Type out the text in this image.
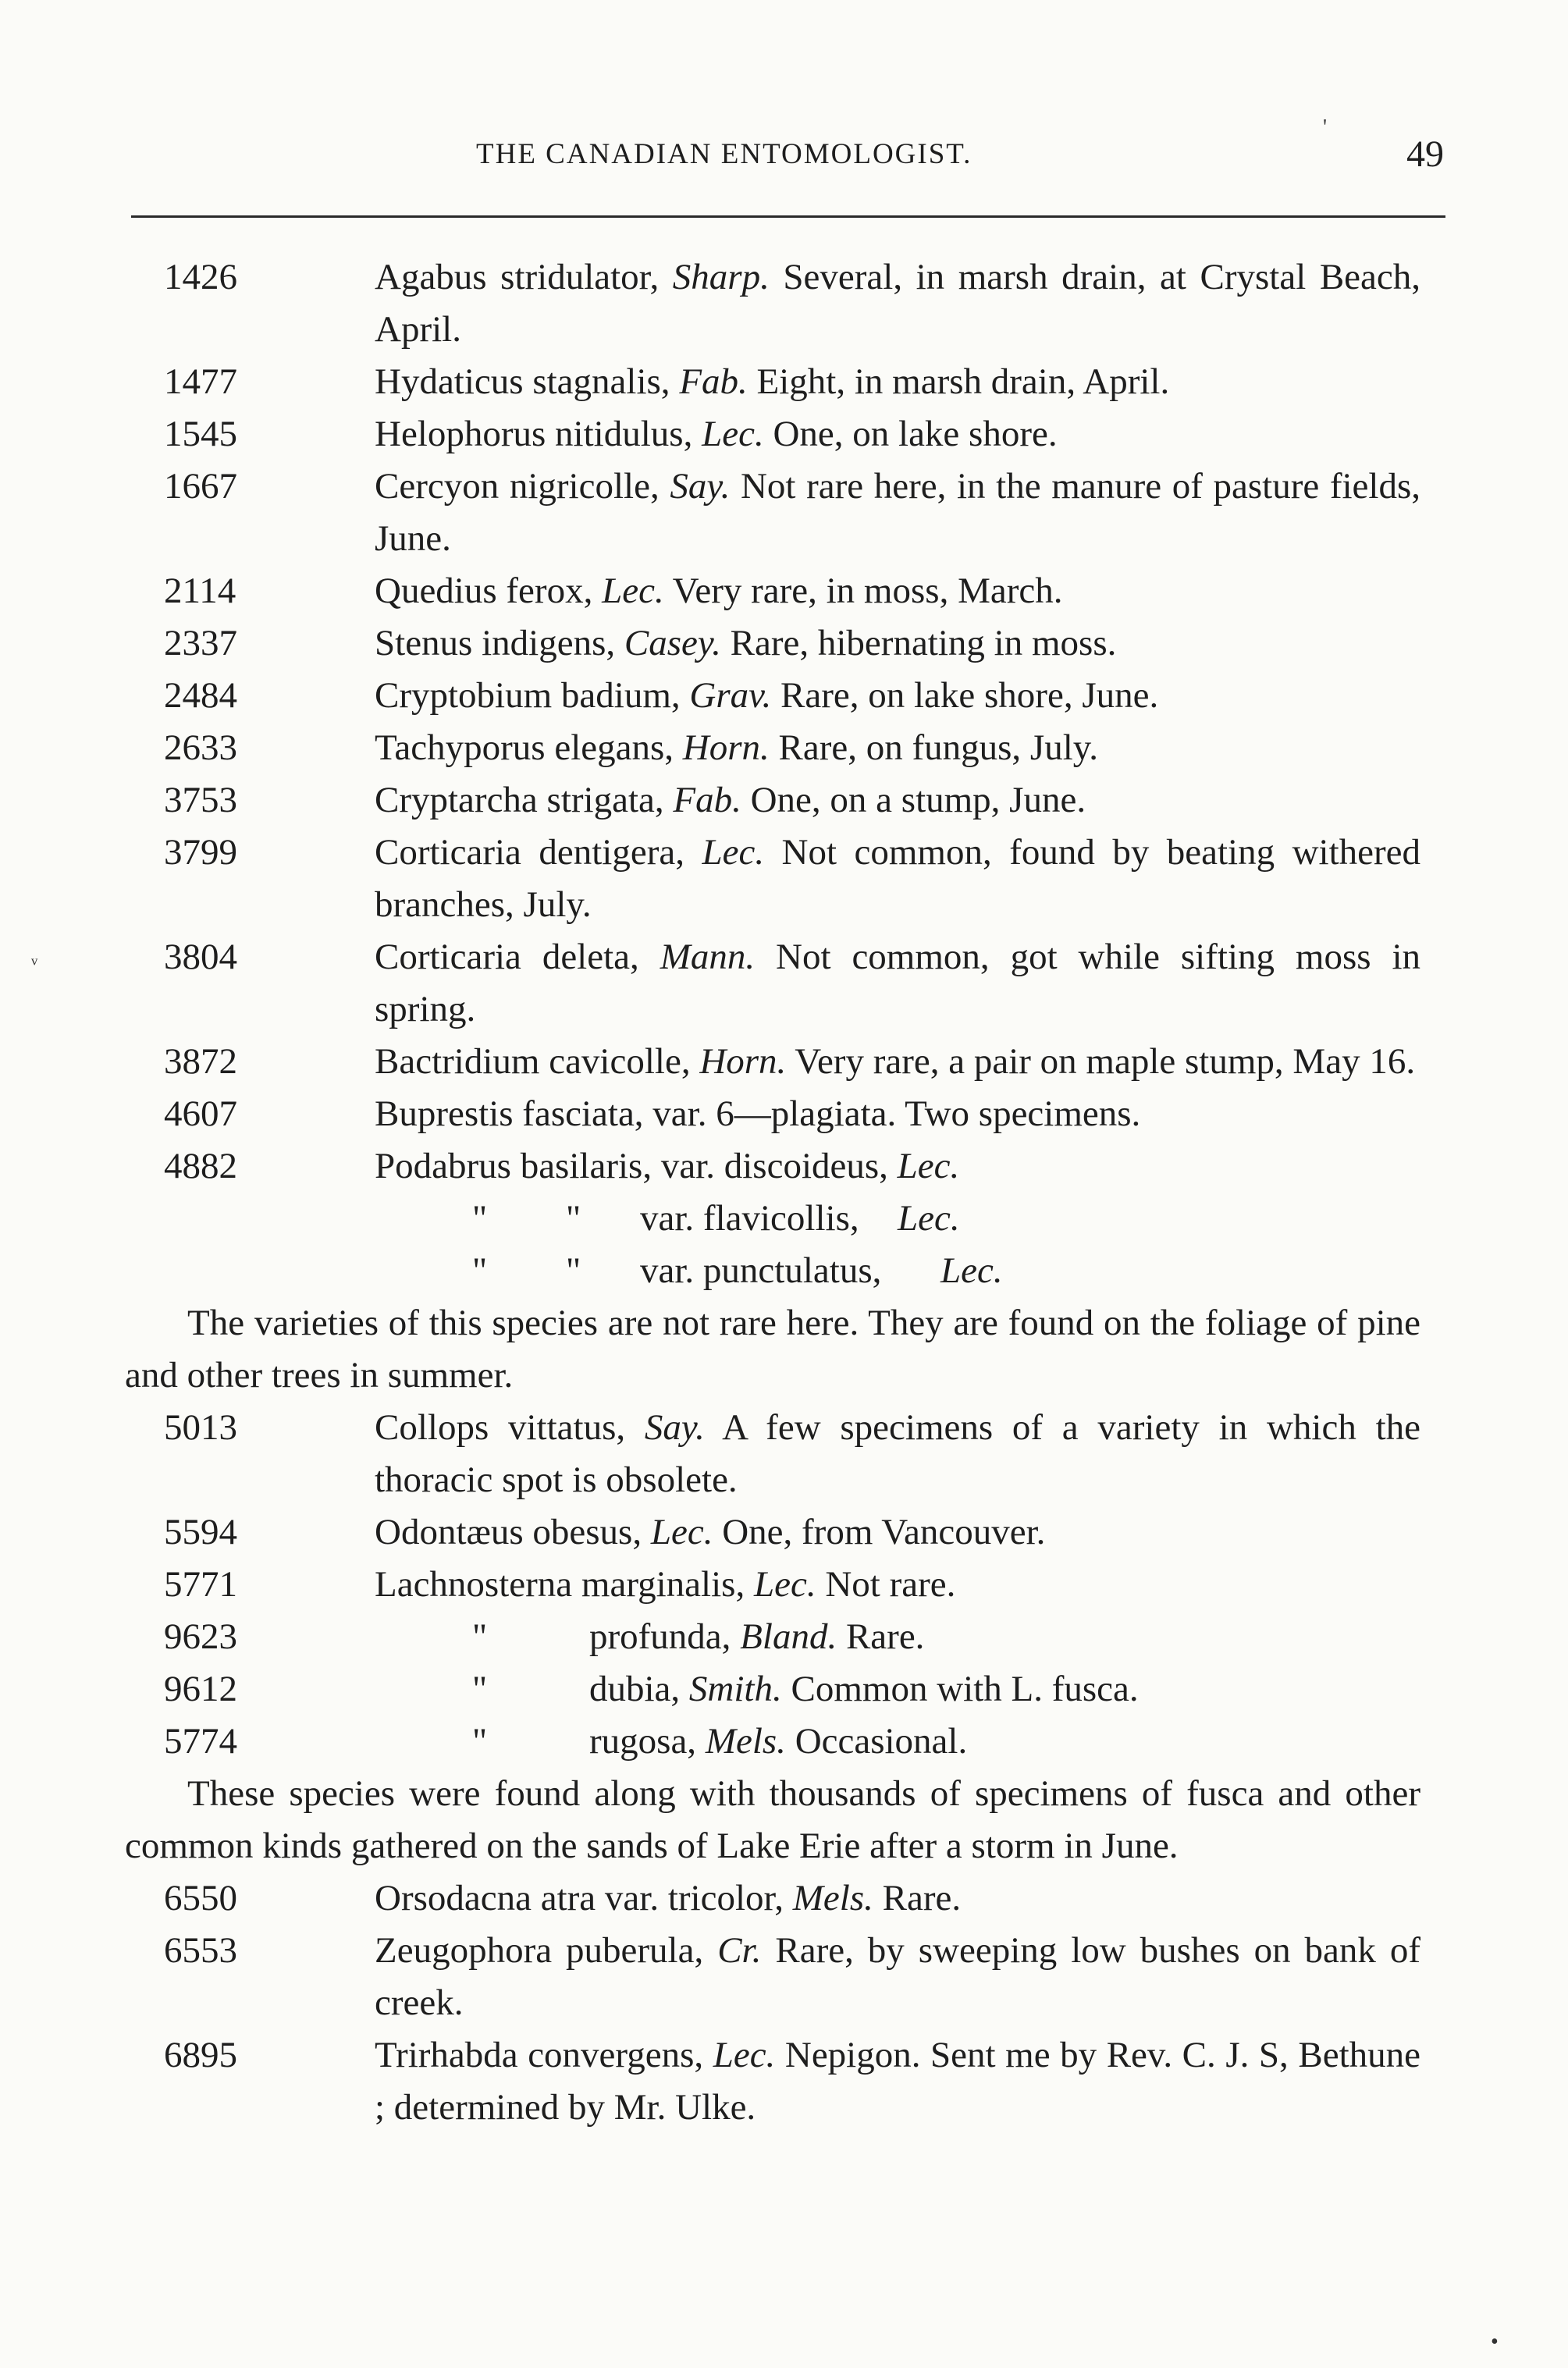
THE CANADIAN ENTOMOLOGIST.	49
1426	Agabus stridulator, Sharp. Several, in marsh drain, at Crystal Beach, April.
1477	Hydaticus stagnalis, Fab. Eight, in marsh drain, April.
1545	Helophorus nitidulus, Lec. One, on lake shore.
1667	Cercyon nigricolle, Say. Not rare here, in the manure of pasture fields, June.
2114	Quedius ferox, Lec. Very rare, in moss, March.
2337	Stenus indigens, Casey. Rare, hibernating in moss.
2484	Cryptobium badium, Grav. Rare, on lake shore, June.
2633	Tachyporus elegans, Horn. Rare, on fungus, July.
3753	Cryptarcha strigata, Fab. One, on a stump, June.
3799	Corticaria dentigera, Lec. Not common, found by beating withered branches, July.
3804	Corticaria deleta, Mann. Not common, got while sifting moss in spring.
3872	Bactridium cavicolle, Horn. Very rare, a pair on maple stump, May 16.
4607	Buprestis fasciata, var. 6—plagiata. Two specimens.
4882	Podabrus basilaris, var. discoideus, Lec.
" " var. flavicollis, Lec.
" " var. punctulatus, Lec.
The varieties of this species are not rare here. They are found on the foliage of pine and other trees in summer.
5013	Collops vittatus, Say. A few specimens of a variety in which the thoracic spot is obsolete.
5594	Odontæus obesus, Lec. One, from Vancouver.
5771	Lachnosterna marginalis, Lec. Not rare.
9623	"	profunda, Bland. Rare.
9612	"	dubia, Smith. Common with L. fusca.
5774	"	rugosa, Mels. Occasional.
These species were found along with thousands of specimens of fusca and other common kinds gathered on the sands of Lake Erie after a storm in June.
6550	Orsodacna atra var. tricolor, Mels. Rare.
6553	Zeugophora puberula, Cr. Rare, by sweeping low bushes on bank of creek.
6895	Trirhabda convergens, Lec. Nepigon. Sent me by Rev. C. J. S, Bethune ; determined by Mr. Ulke.
'
ᵛ
•
